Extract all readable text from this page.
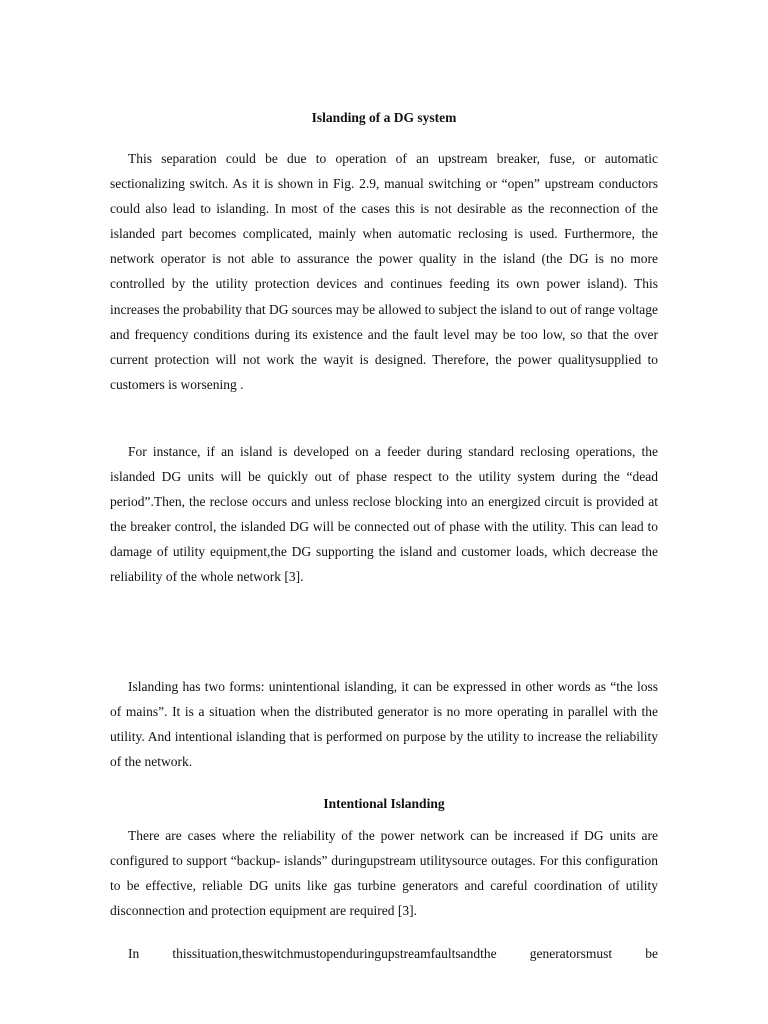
Islanding of a DG system

This separation could be due to operation of an upstream breaker, fuse, or automatic sectionalizing switch. As it is shown in Fig. 2.9, manual switching or “open” upstream conductors could also lead to islanding. In most of the cases this is not desirable as the reconnection of the islanded part becomes complicated, mainly when automatic reclosing is used. Furthermore, the network operator is not able to assurance the power quality in the island (the DG is no more controlled by the utility protection devices and continues feeding its own power island). This increases the probability that DG sources may be allowed to subject the island to out of range voltage and frequency conditions during its existence and the fault level may be too low, so that the over current protection will not work the wayit is designed. Therefore, the power qualitysupplied to customers is worsening .

For instance, if an island is developed on a feeder during standard reclosing operations, the islanded DG units will be quickly out of phase respect to the utility system during the “dead period”.Then, the reclose occurs and unless reclose blocking into an energized circuit is provided at the breaker control, the islanded DG will be connected out of phase with the utility. This can lead to damage of utility equipment,the DG supporting the island and customer loads, which decrease the reliability of the whole network [3].

Islanding has two forms: unintentional islanding, it can be expressed in other words as “the loss of mains”. It is a situation when the distributed generator is no more operating in parallel with the utility. And intentional islanding that is performed on purpose by the utility to increase the reliability of the network.

Intentional Islanding

There are cases where the reliability of the power network can be increased if DG units are configured to support “backup- islands” duringupstream utilitysource outages. For this configuration to be effective, reliable DG units like gas turbine generators and careful coordination of utility disconnection and protection equipment are required [3].

In thissituation,theswitchmustopenduringupstreamfaultsandthe generatorsmust be
